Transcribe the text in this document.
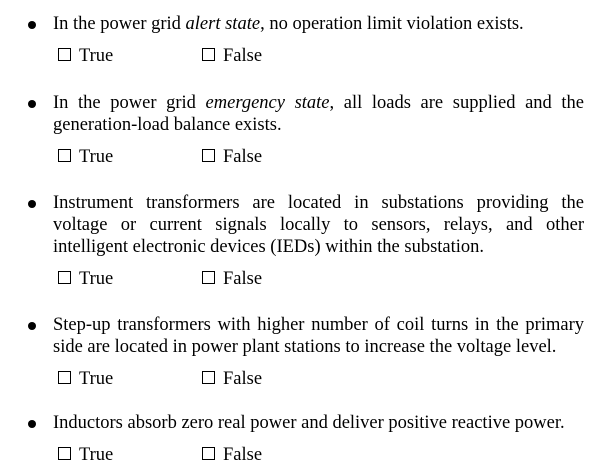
In the power grid alert state, no operation limit violation exists.
True	False
In the power grid emergency state, all loads are supplied and the generation-load balance exists.
True	False
Instrument transformers are located in substations providing the voltage or current signals locally to sensors, relays, and other intelligent electronic devices (IEDs) within the substation.
True	False
Step-up transformers with higher number of coil turns in the primary side are located in power plant stations to increase the voltage level.
True	False
Inductors absorb zero real power and deliver positive reactive power.
True	False
